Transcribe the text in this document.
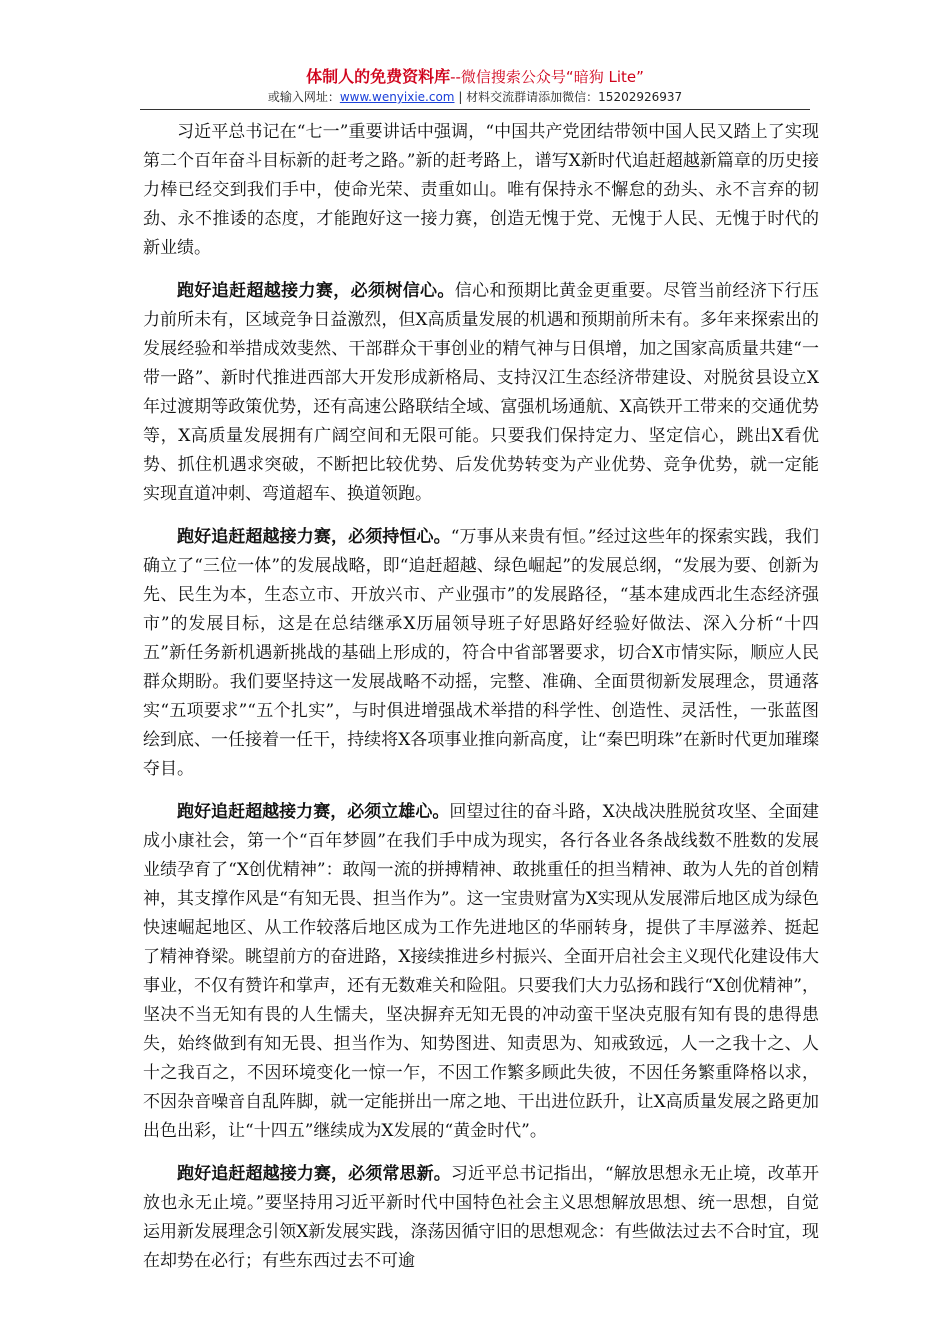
体制人的免费资料库--微信搜索公众号“暗狗 Lite”
或输入网址：www.wenyixie.com | 材料交流群请添加微信：15202926937

习近平总书记在“七一”重要讲话中强调，“中国共产党团结带领中国人民又踏上了实现第二个百年奋斗目标新的赶考之路。”新的赶考路上，谱写X新时代追赶超越新篇章的历史接力棒已经交到我们手中，使命光荣、责重如山。唯有保持永不懈怠的劲头、永不言弃的韧劲、永不推诿的态度，才能跑好这一接力赛，创造无愧于党、无愧于人民、无愧于时代的新业绩。

跑好追赶超越接力赛，必须树信心。信心和预期比黄金更重要。尽管当前经济下行压力前所未有，区域竞争日益激烈，但X高质量发展的机遇和预期前所未有。多年来探索出的发展经验和举措成效斐然、干部群众干事创业的精气神与日俱增，加之国家高质量共建“一带一路”、新时代推进西部大开发形成新格局、支持汉江生态经济带建设、对脱贫县设立X年过渡期等政策优势，还有高速公路联结全域、富强机场通航、X高铁开工带来的交通优势等，X高质量发展拥有广阔空间和无限可能。只要我们保持定力、坚定信心，跳出X看优势、抓住机遇求突破，不断把比较优势、后发优势转变为产业优势、竞争优势，就一定能实现直道冲刺、弯道超车、换道领跑。

跑好追赶超越接力赛，必须持恒心。“万事从来贵有恒。”经过这些年的探索实践，我们确立了“三位一体”的发展战略，即“追赶超越、绿色崛起”的发展总纲，“发展为要、创新为先、民生为本，生态立市、开放兴市、产业强市”的发展路径，“基本建成西北生态经济强市”的发展目标，这是在总结继承X历届领导班子好思路好经验好做法、深入分析“十四五”新任务新机遇新挑战的基础上形成的，符合中省部署要求，切合X市情实际，顺应人民群众期盼。我们要坚持这一发展战略不动摇，完整、准确、全面贯彻新发展理念，贯通落实“五项要求”“五个扎实”，与时俱进增强战术举措的科学性、创造性、灵活性，一张蓝图绘到底、一任接着一任干，持续将X各项事业推向新高度，让“秦巴明珠”在新时代更加璀璨夺目。

跑好追赶超越接力赛，必须立雄心。回望过往的奋斗路，X决战决胜脱贫攻坚、全面建成小康社会，第一个“百年梦圆”在我们手中成为现实，各行各业各条战线数不胜数的发展业绩孕育了“X创优精神”：敢闯一流的拼搏精神、敢挑重任的担当精神、敢为人先的首创精神，其支撑作风是“有知无畏、担当作为”。这一宝贵财富为X实现从发展滞后地区成为绿色快速崛起地区、从工作较落后地区成为工作先进地区的华丽转身，提供了丰厚滋养、挺起了精神脊梁。眺望前方的奋进路，X接续推进乡村振兴、全面开启社会主义现代化建设伟大事业，不仅有赞许和掌声，还有无数难关和险阻。只要我们大力弘扬和践行“X创优精神”，坚决不当无知有畏的人生懦夫，坚决摒弃无知无畏的冲动蛮干坚决克服有知有畏的患得患失，始终做到有知无畏、担当作为、知势图进、知责思为、知戒致远，人一之我十之、人十之我百之，不因环境变化一惊一乍，不因工作繁多顾此失彼，不因任务繁重降格以求，不因杂音噪音自乱阵脚，就一定能拼出一席之地、干出进位跃升，让X高质量发展之路更加出色出彩，让“十四五”继续成为X发展的“黄金时代”。

跑好追赶超越接力赛，必须常思新。习近平总书记指出，“解放思想永无止境，改革开放也永无止境。”要坚持用习近平新时代中国特色社会主义思想解放思想、统一思想，自觉运用新发展理念引领X新发展实践，涤荡因循守旧的思想观念：有些做法过去不合时宜，现在却势在必行；有些东西过去不可逾
